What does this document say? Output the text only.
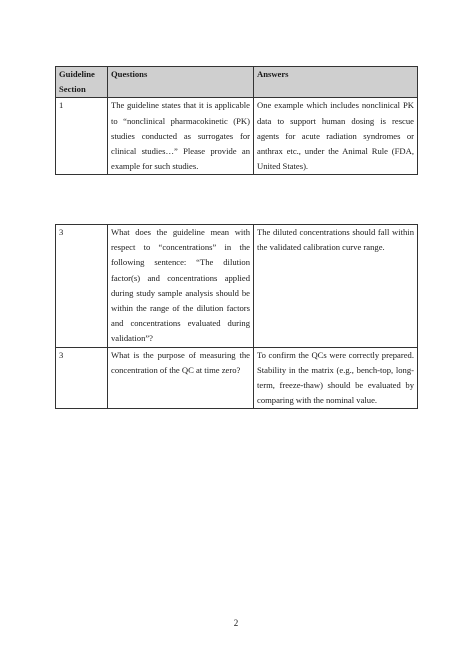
Guideline Section	Questions	Answers
1	The guideline states that it is applicable to “nonclinical pharmacokinetic (PK) studies conducted as surrogates for clinical studies…” Please provide an example for such studies.	One example which includes nonclinical PK data to support human dosing is rescue agents for acute radiation syndromes or anthrax etc., under the Animal Rule (FDA, United States).
3	What does the guideline mean with respect to “concentrations” in the following sentence: “The dilution factor(s) and concentrations applied during study sample analysis should be within the range of the dilution factors and concentrations evaluated during validation”?	The diluted concentrations should fall within the validated calibration curve range.
3	What is the purpose of measuring the concentration of the QC at time zero?	To confirm the QCs were correctly prepared. Stability in the matrix (e.g., bench-top, long-term, freeze-thaw) should be evaluated by comparing with the nominal value.
2
